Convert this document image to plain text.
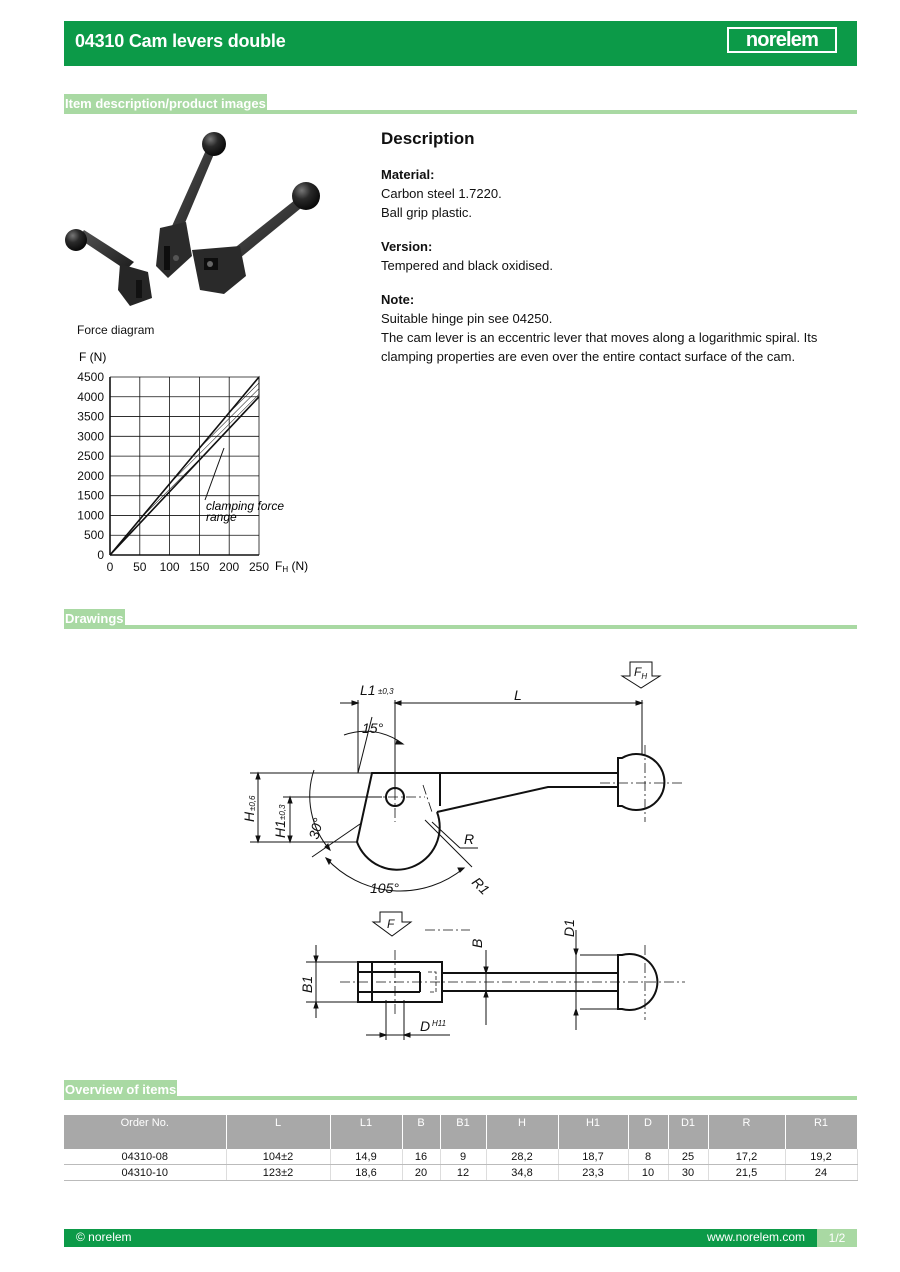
04310 Cam levers double	norelem
Item description/product images
Force diagram
0
500
1000
1500
2000
2500
3000
3500
4000
4500
0 50 100 150 200 250
F (N)
FH (N)
clamping force
range
Description
Material:

Carbon steel 1.7220.

Ball grip plastic.

Version:

Tempered and black oxidised.

Note:

Suitable hinge pin see 04250.

The cam lever is an eccentric lever that moves along a logarithmic spiral. Its

clamping properties are even over the entire contact surface of the cam.

Drawings
L1 ±0,3	L
$F_H$
15°
H
±0,6
H1
±0,3
30°
105°
R
R1
F
B
B1
D1
D H11
Overview of items
Order No.	L	L1	B	B1	H	H1	D	D1	R	R1
04310-08	104±2	14,9	16	9	28,2	18,7	8	25	17,2	19,2
04310-10	123±2	18,6	20	12	34,8	23,3	10	30	21,5	24
© norelem	www.norelem.com	1/2
